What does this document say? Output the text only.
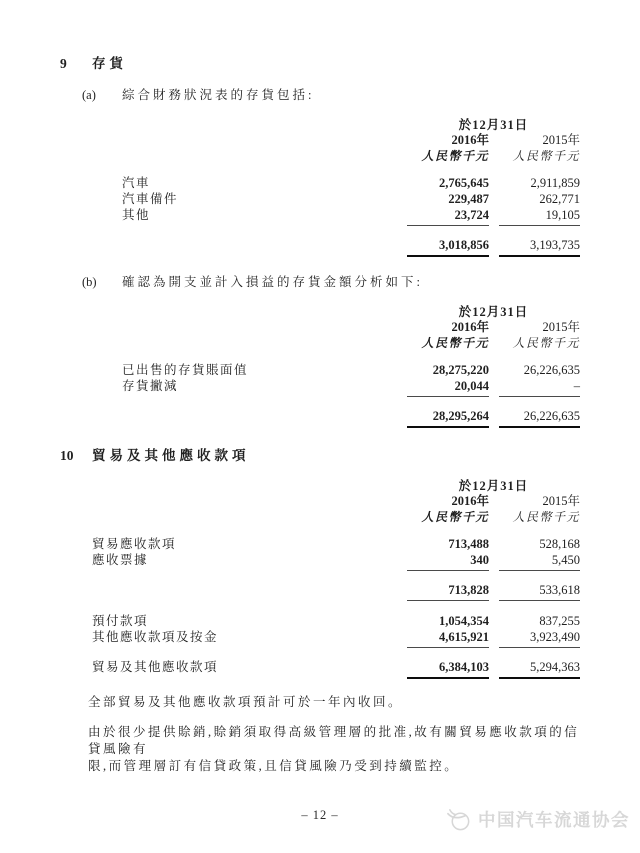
9	存貨
(a)	綜合財務狀況表的存貨包括:
於12月31日
2016年	2015年
人民幣千元	人民幣千元
汽車	2,765,645	2,911,859
汽車備件	229,487	262,771
其他	23,724	19,105
3,018,856	3,193,735
(b)	確認為開支並計入損益的存貨金額分析如下:
於12月31日
2016年	2015年
人民幣千元	人民幣千元
已出售的存貨賬面值	28,275,220	26,226,635
存貨撇減	20,044	–
28,295,264	26,226,635
10	貿易及其他應收款項
於12月31日
2016年	2015年
人民幣千元	人民幣千元
貿易應收款項	713,488	528,168
應收票據	340	5,450
713,828	533,618
預付款項	1,054,354	837,255
其他應收款項及按金	4,615,921	3,923,490
貿易及其他應收款項	6,384,103	5,294,363
全部貿易及其他應收款項預計可於一年內收回。
由於很少提供賒銷,賒銷須取得高級管理層的批准,故有關貿易應收款項的信貸風險有
限,而管理層訂有信貸政策,且信貸風險乃受到持續監控。
– 12 –	中国汽车流通协会
